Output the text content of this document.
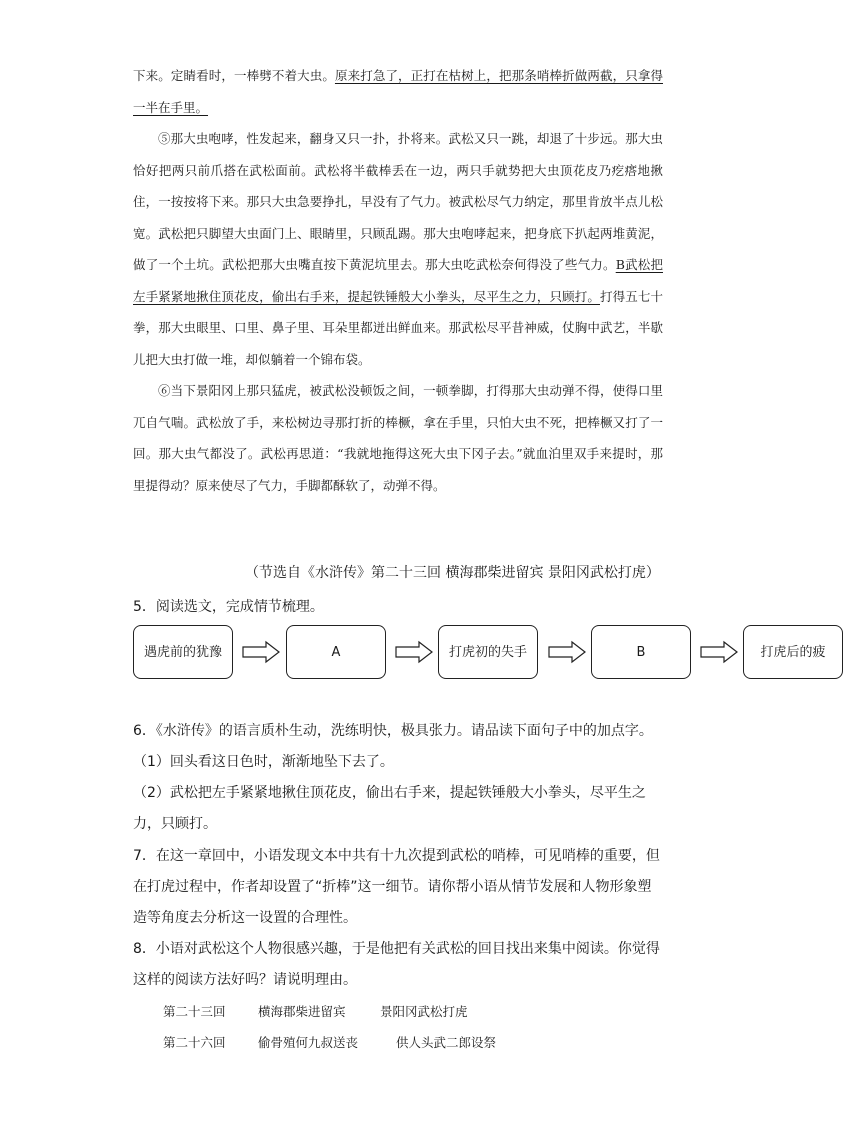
下来。定睛看时，一棒劈不着大虫。原来打急了，正打在枯树上，把那条哨棒折做两截，只拿得一半在手里。

⑤那大虫咆哮，性发起来，翻身又只一扑，扑将来。武松又只一跳，却退了十步远。那大虫恰好把两只前爪搭在武松面前。武松将半截棒丢在一边，两只手就势把大虫顶花皮乃疙瘩地揪住，一按按将下来。那只大虫急要挣扎，早没有了气力。被武松尽气力纳定，那里肯放半点儿松宽。武松把只脚望大虫面门上、眼睛里，只顾乱踢。那大虫咆哮起来，把身底下扒起两堆黄泥，做了一个土坑。武松把那大虫嘴直按下黄泥坑里去。那大虫吃武松奈何得没了些气力。B武松把左手紧紧地揪住顶花皮，偷出右手来，提起铁锤般大小拳头，尽平生之力，只顾打。打得五七十拳，那大虫眼里、口里、鼻子里、耳朵里都迸出鲜血来。那武松尽平昔神威，仗胸中武艺，半歇儿把大虫打做一堆，却似躺着一个锦布袋。

⑥当下景阳冈上那只猛虎，被武松没顿饭之间，一顿拳脚，打得那大虫动弹不得，使得口里兀自气喘。武松放了手，来松树边寻那打折的棒橛，拿在手里，只怕大虫不死，把棒橛又打了一回。那大虫气都没了。武松再思道：“我就地拖得这死大虫下冈子去。”就血泊里双手来提时，那里提得动？原来使尽了气力，手脚都酥软了，动弹不得。

（节选自《水浒传》第二十三回 横海郡柴进留宾 景阳冈武松打虎）
5．阅读选文，完成情节梳理。
遇虎前的犹豫	A	打虎初的失手	B	打虎后的疲
6．《水浒传》的语言质朴生动，洗练明快，极具张力。请品读下面句子中的加点字。
（1）回头看这日色时，渐渐地坠下去了。
（2）武松把左手紧紧地揪住顶花皮，偷出右手来，提起铁锤般大小拳头，尽平生之力，只顾打。
7．在这一章回中，小语发现文本中共有十九次提到武松的哨棒，可见哨棒的重要，但在打虎过程中，作者却设置了“折棒”这一细节。请你帮小语从情节发展和人物形象塑造等角度去分析这一设置的合理性。
8．小语对武松这个人物很感兴趣，于是他把有关武松的回目找出来集中阅读。你觉得这样的阅读方法好吗？请说明理由。
第二十三回	横海郡柴进留宾	景阳冈武松打虎
第二十六回	偷骨殖何九叔送丧	供人头武二郎设祭
